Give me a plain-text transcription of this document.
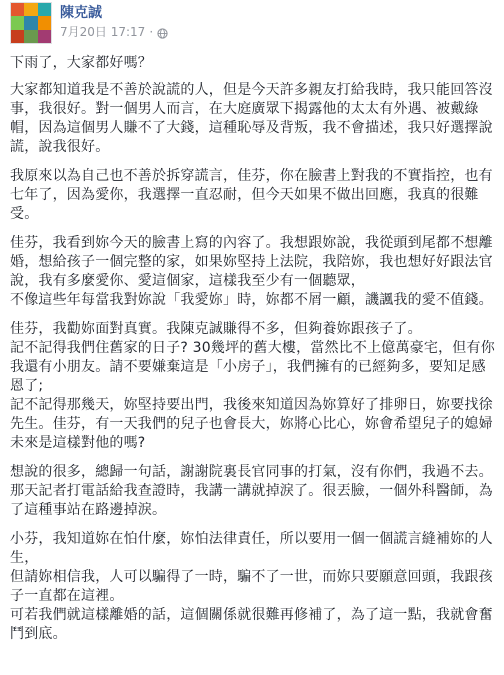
陳克誠
7月20日 17:17 ·

下雨了，大家都好嗎？

大家都知道我是不善於說謊的人，但是今天許多親友打給我時，我只能回答沒事，我很好。對一個男人而言，在大庭廣眾下揭露他的太太有外遇、被戴綠帽，因為這個男人賺不了大錢，這種恥辱及背叛，我不會描述，我只好選擇說謊，說我很好。

我原來以為自己也不善於拆穿謊言，佳芬，你在臉書上對我的不實指控，也有七年了，因為愛你，我選擇一直忍耐，但今天如果不做出回應，我真的很難受。

佳芬，我看到妳今天的臉書上寫的內容了。我想跟妳說，我從頭到尾都不想離婚，想給孩子一個完整的家，如果妳堅持上法院，我陪妳，我也想好好跟法官說，我有多麼愛你、愛這個家，這樣我至少有一個聽眾，
不像這些年每當我對妳說「我愛妳」時，妳都不屑一顧，譏諷我的愛不值錢。

佳芬，我勸妳面對真實。我陳克誠賺得不多，但夠養妳跟孩子了。
記不記得我們住舊家的日子? 30幾坪的舊大樓，當然比不上億萬豪宅，但有你我還有小朋友。請不要嫌棄這是「小房子」，我們擁有的已經夠多，要知足感恩了;
記不記得那幾天，妳堅持要出門，我後來知道因為妳算好了排卵日，妳要找徐先生。佳芬，有一天我們的兒子也會長大，妳將心比心，妳會希望兒子的媳婦未來是這樣對他的嗎?

想說的很多，總歸一句話，謝謝院裏長官同事的打氣，沒有你們，我過不去。那天記者打電話給我查證時，我講一講就掉淚了。很丟臉，一個外科醫師，為了這種事站在路邊掉淚。

小芬，我知道妳在怕什麼，妳怕法律責任，所以要用一個一個謊言縫補妳的人生，
但請妳相信我，人可以騙得了一時，騙不了一世，而妳只要願意回頭，我跟孩子一直都在這裡。
可若我們就這樣離婚的話，這個關係就很難再修補了，為了這一點，我就會奮鬥到底。
